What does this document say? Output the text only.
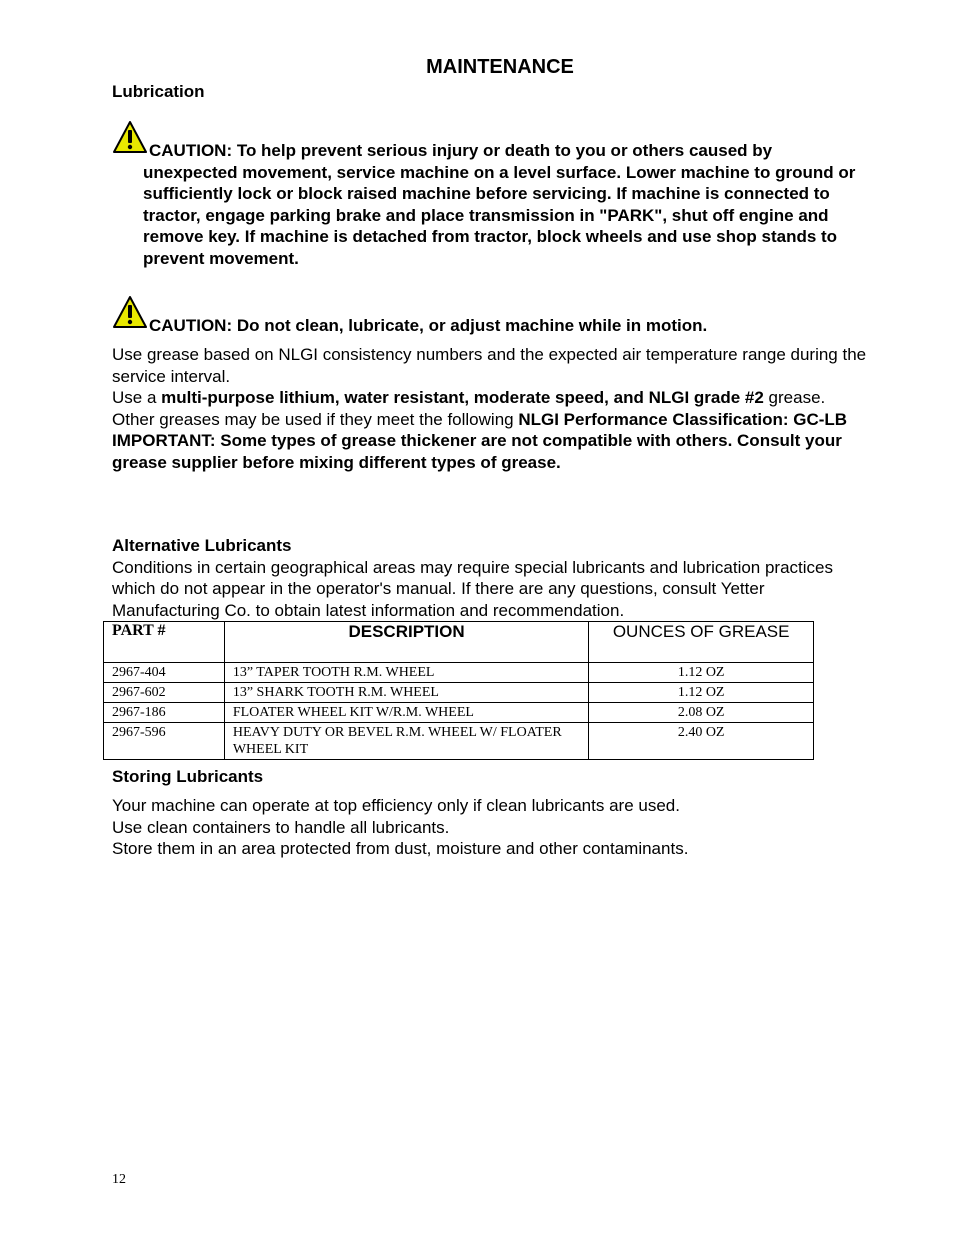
MAINTENANCE
Lubrication
CAUTION: To help prevent serious injury or death to you or others caused by
unexpected movement, service machine on a level surface. Lower machine to ground or sufficiently lock or block raised machine before servicing. If machine is connected to tractor, engage parking brake and place transmission in "PARK", shut off engine and remove key. If machine is detached from tractor, block wheels and use shop stands to prevent movement.
CAUTION: Do not clean, lubricate, or adjust machine while in motion.
Use grease based on NLGI consistency numbers and the expected air temperature range during the service interval.
Use a multi-purpose lithium, water resistant, moderate speed, and NLGI grade #2 grease.
Other greases may be used if they meet the following NLGI Performance Classification: GC-LB
IMPORTANT: Some types of grease thickener are not compatible with others. Consult your grease supplier before mixing different types of grease.
Alternative Lubricants
Conditions in certain geographical areas may require special lubricants and lubrication practices which do not appear in the operator's manual. If there are any questions, consult Yetter Manufacturing Co. to obtain latest information and recommendation.
PART #	DESCRIPTION	OUNCES OF GREASE
2967-404	13” TAPER TOOTH R.M. WHEEL	1.12 OZ
2967-602	13” SHARK TOOTH R.M. WHEEL	1.12 OZ
2967-186	FLOATER WHEEL KIT W/R.M. WHEEL	2.08 OZ
2967-596	HEAVY DUTY OR BEVEL R.M. WHEEL W/ FLOATER WHEEL KIT	2.40 OZ
Storing Lubricants
Your machine can operate at top efficiency only if clean lubricants are used.
Use clean containers to handle all lubricants.
Store them in an area protected from dust, moisture and other contaminants.
12
